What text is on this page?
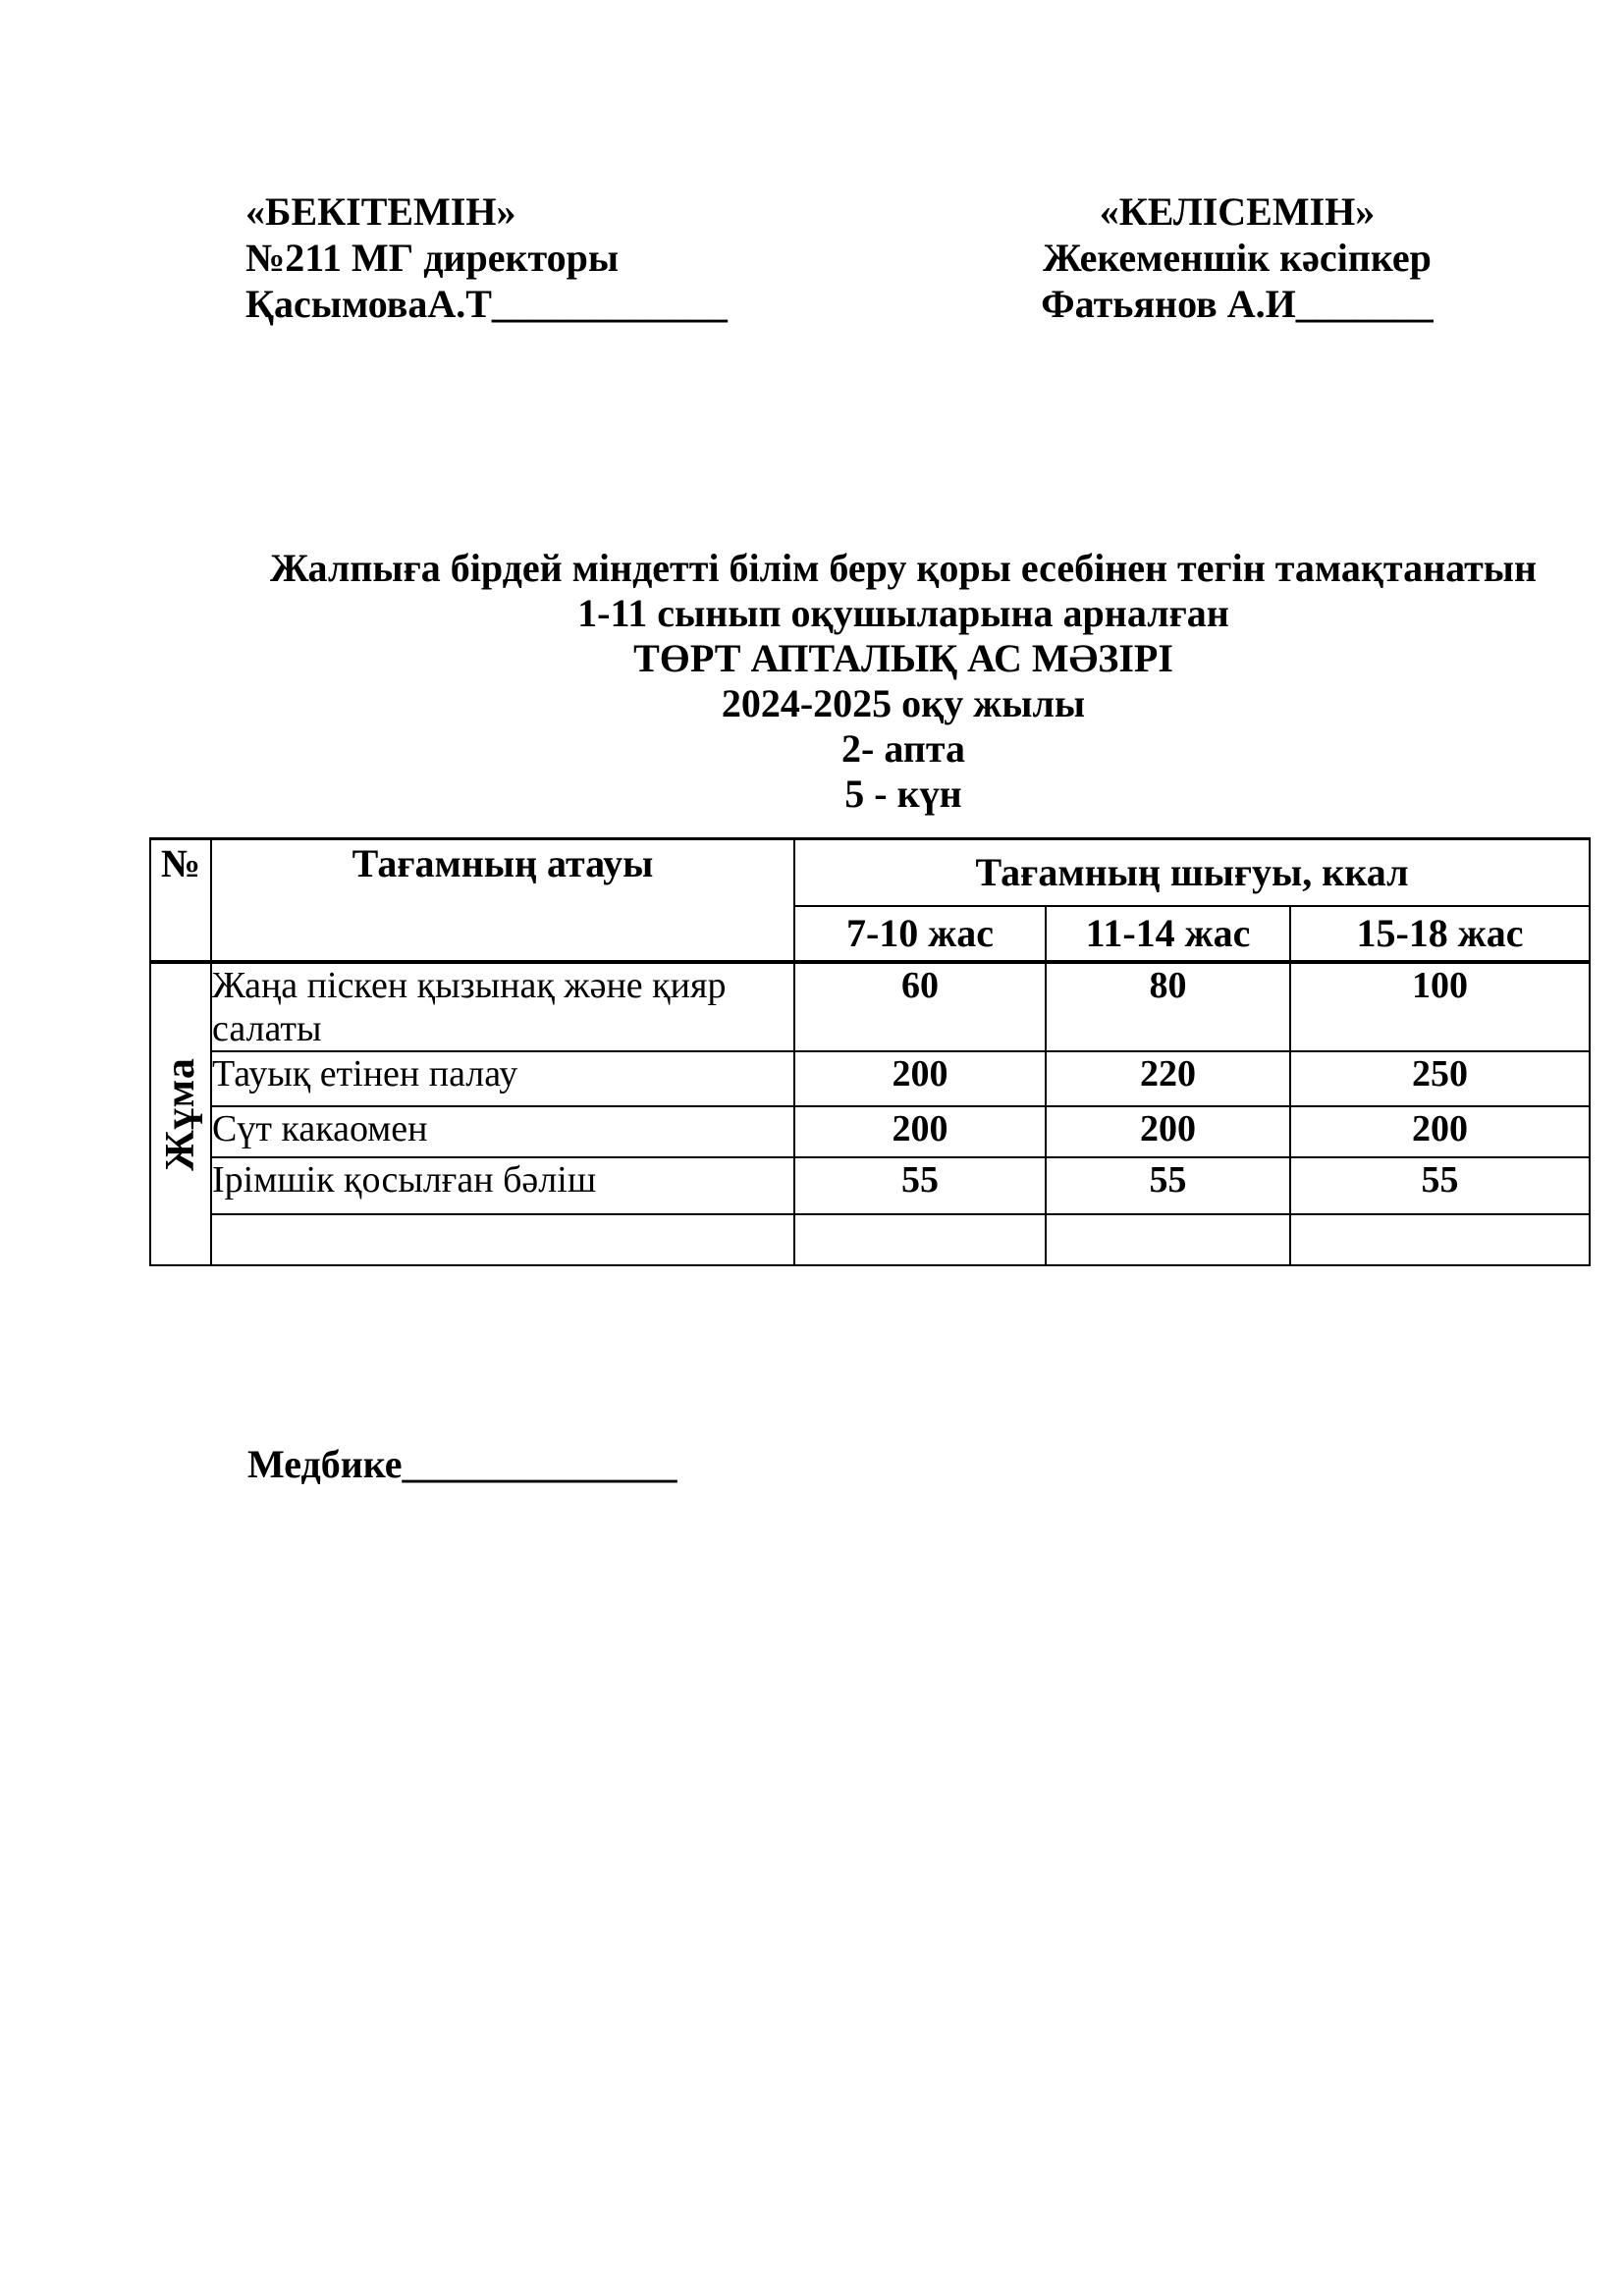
«БЕКІТЕМІН»
№211 МГ директоры
ҚасымоваА.Т____________
«КЕЛІСЕМІН»
Жекеменшік кәсіпкер
Фатьянов А.И_______
Жалпыға бірдей міндетті білім беру қоры есебінен тегін тамақтанатын
1-11 сынып оқушыларына арналған
ТӨРТ АПТАЛЫҚ АС МӘЗІРІ
2024-2025 оқу жылы
2- апта
5 - күн
№	Тағамның атауы	Тағамның шығуы, ккал		
		7-10 жас	11-14 жас	15-18 жас

Жұма	Жаңа піскен қызынақ және қияр салаты	60	80	100
	Тауық етінен палау	200	220	250
	Сүт какаомен	200	200	200
	Ірімшік қосылған бәліш	55	55	55

Медбике______________
